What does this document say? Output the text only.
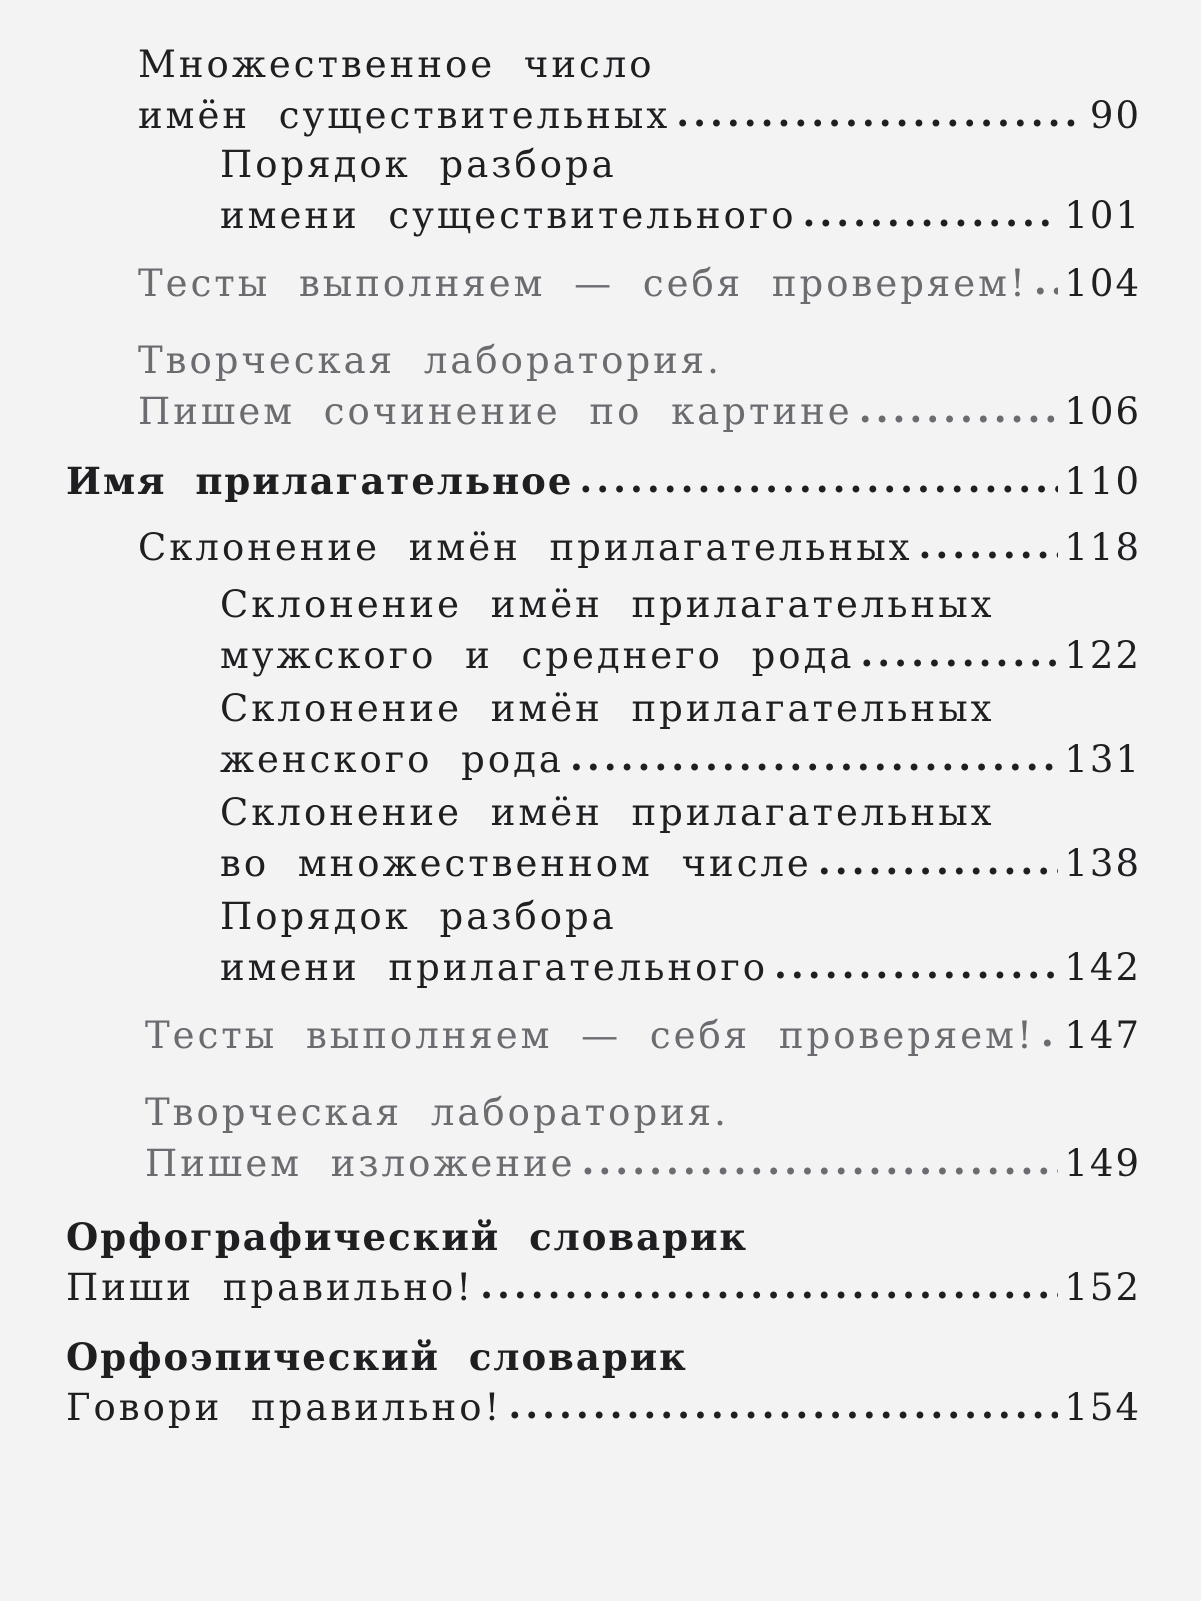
Множественное число
имён существительных .....	90
Порядок разбора
имени существительного .....	101
Тесты выполняем — себя проверяем! ..... 104
Творческая лаборатория.
Пишем сочинение по картине .....	106
Имя прилагательное .....	110
Склонение имён прилагательных .....	118
Склонение имён прилагательных
мужского и среднего рода .....	122
Склонение имён прилагательных
женского рода .....	131
Склонение имён прилагательных
во множественном числе .....	138
Порядок разбора
имени прилагательного .....	142
Тесты выполняем — себя проверяем! ..... 147
Творческая лаборатория.
Пишем изложение .....	149
Орфографический словарик
Пиши правильно! .....	152
Орфоэпический словарик
Говори правильно! .....	154
